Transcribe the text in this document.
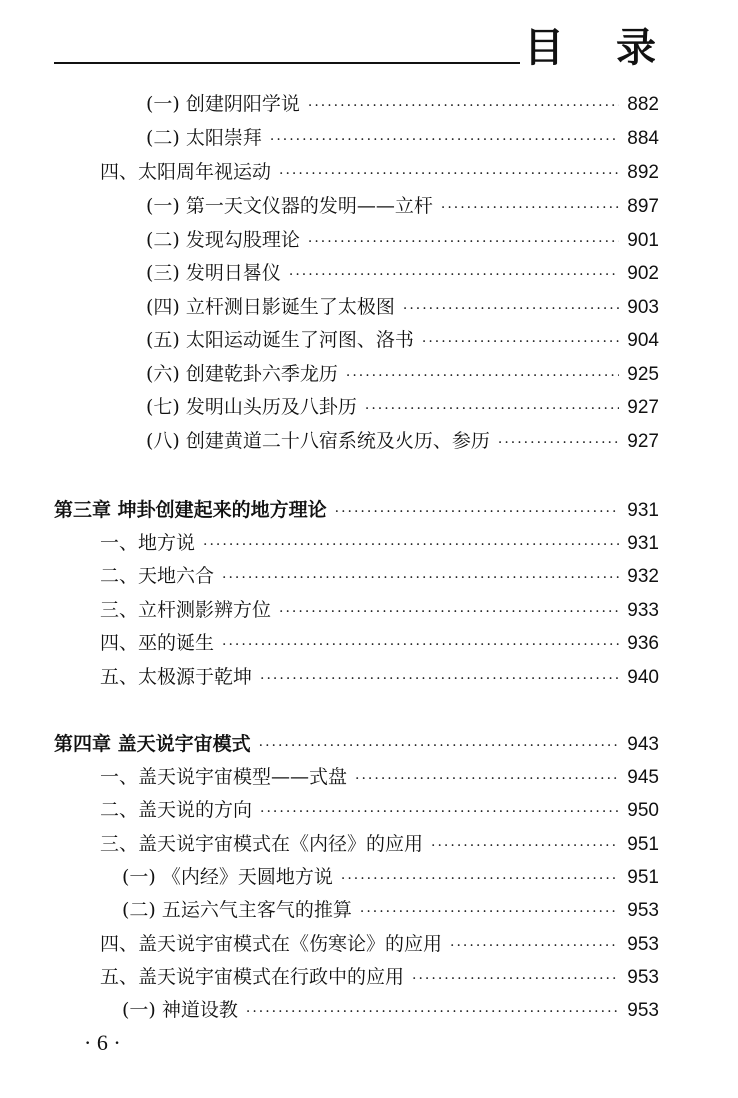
目录
(一) 创建阴阳学说 ·····	882
(二) 太阳崇拜 ·····	884
四、太阳周年视运动 ·····	892
(一) 第一天文仪器的发明——立杆 ·····	897
(二) 发现勾股理论 ·····	901
(三) 发明日晷仪 ·····	902
(四) 立杆测日影诞生了太极图 ·····	903
(五) 太阳运动诞生了河图、洛书 ·····	904
(六) 创建乾卦六季龙历 ·····	925
(七) 发明山头历及八卦历 ·····	927
(八) 创建黄道二十八宿系统及火历、参历 ·····	927
第三章 坤卦创建起来的地方理论 ·····	931
一、地方说 ·····	931
二、天地六合 ·····	932
三、立杆测影辨方位 ·····	933
四、巫的诞生 ·····	936
五、太极源于乾坤 ·····	940
第四章 盖天说宇宙模式 ·····	943
一、盖天说宇宙模型——式盘 ·····	945
二、盖天说的方向 ·····	950
三、盖天说宇宙模式在《内径》的应用 ·····	951
(一) 《内经》天圆地方说 ·····	951
(二) 五运六气主客气的推算 ·····	953
四、盖天说宇宙模式在《伤寒论》的应用 ·····	953
五、盖天说宇宙模式在行政中的应用 ·····	953
(一) 神道设教 ·····	953
· 6 ·
